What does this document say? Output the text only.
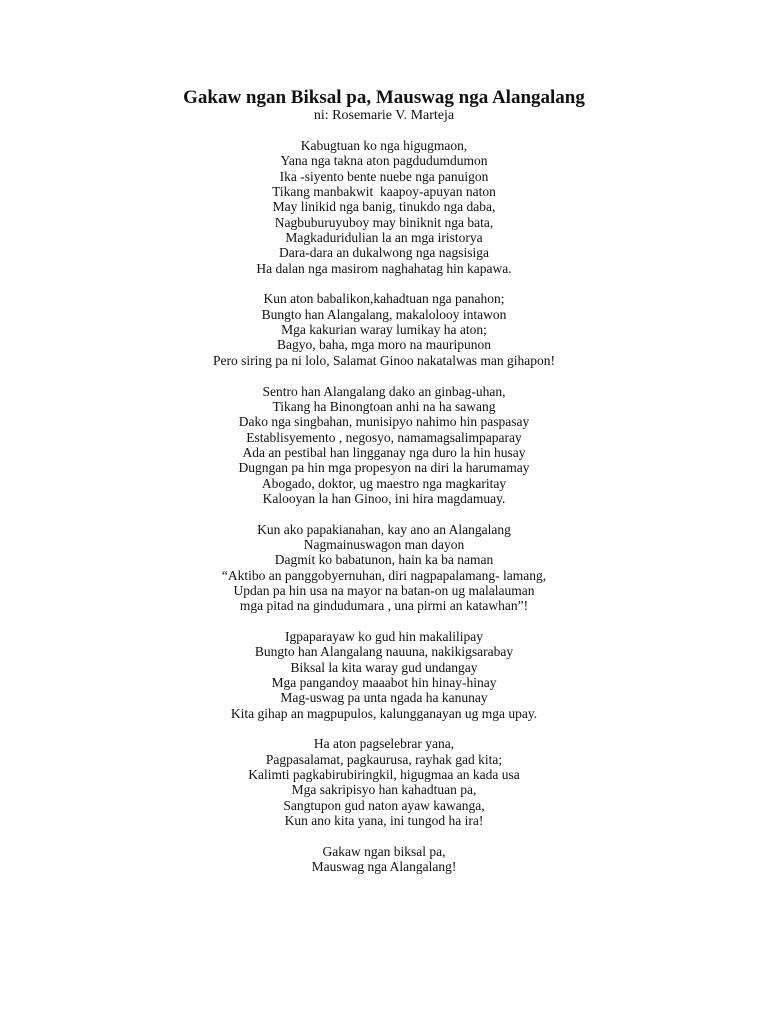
Gakaw ngan Biksal pa, Mauswag nga Alangalang

ni: Rosemarie V. Marteja

Kabugtuan ko nga higugmaon,
Yana nga takna aton pagdudumdumon
Ika -siyento bente nuebe nga panuigon
Tikang manbakwit  kaapoy-apuyan naton
May linikid nga banig, tinukdo nga daba,
Nagbuburuyuboy may biniknit nga bata,
Magkaduridulian la an mga iristorya
Dara-dara an dukalwong nga nagsisiga
Ha dalan nga masirom naghahatag hin kapawa.
Kun aton babalikon,kahadtuan nga panahon;
Bungto han Alangalang, makalolooy intawon
Mga kakurian waray lumikay ha aton;
Bagyo, baha, mga moro na mauripunon
Pero siring pa ni lolo, Salamat Ginoo nakatalwas man gihapon!
Sentro han Alangalang dako an ginbag-uhan,
Tikang ha Binongtoan anhi na ha sawang
Dako nga singbahan, munisipyo nahimo hin paspasay
Establisyemento , negosyo, namamagsalimpaparay
Ada an pestibal han lingganay nga duro la hin husay
Dugngan pa hin mga propesyon na diri la harumamay
Abogado, doktor, ug maestro nga magkaritay
Kalooyan la han Ginoo, ini hira magdamuay.
Kun ako papakianahan, kay ano an Alangalang
Nagmainuswagon man dayon
Dagmit ko babatunon, hain ka ba naman
“Aktibo an panggobyernuhan, diri nagpapalamang- lamang,
Updan pa hin usa na mayor na batan-on ug malalauman
mga pitad na gindudumara , una pirmi an katawhan”!
Igpaparayaw ko gud hin makalilipay
Bungto han Alangalang nauuna, nakikigsarabay
Biksal la kita waray gud undangay
Mga pangandoy maaabot hin hinay-hinay
Mag-uswag pa unta ngada ha kanunay
Kita gihap an magpupulos, kalungganayan ug mga upay.
Ha aton pagselebrar yana,
Pagpasalamat, pagkaurusa, rayhak gad kita;
Kalimti pagkabirubiringkil, higugmaa an kada usa
Mga sakripisyo han kahadtuan pa,
Sangtupon gud naton ayaw kawanga,
Kun ano kita yana, ini tungod ha ira!
Gakaw ngan biksal pa,
Mauswag nga Alangalang!
